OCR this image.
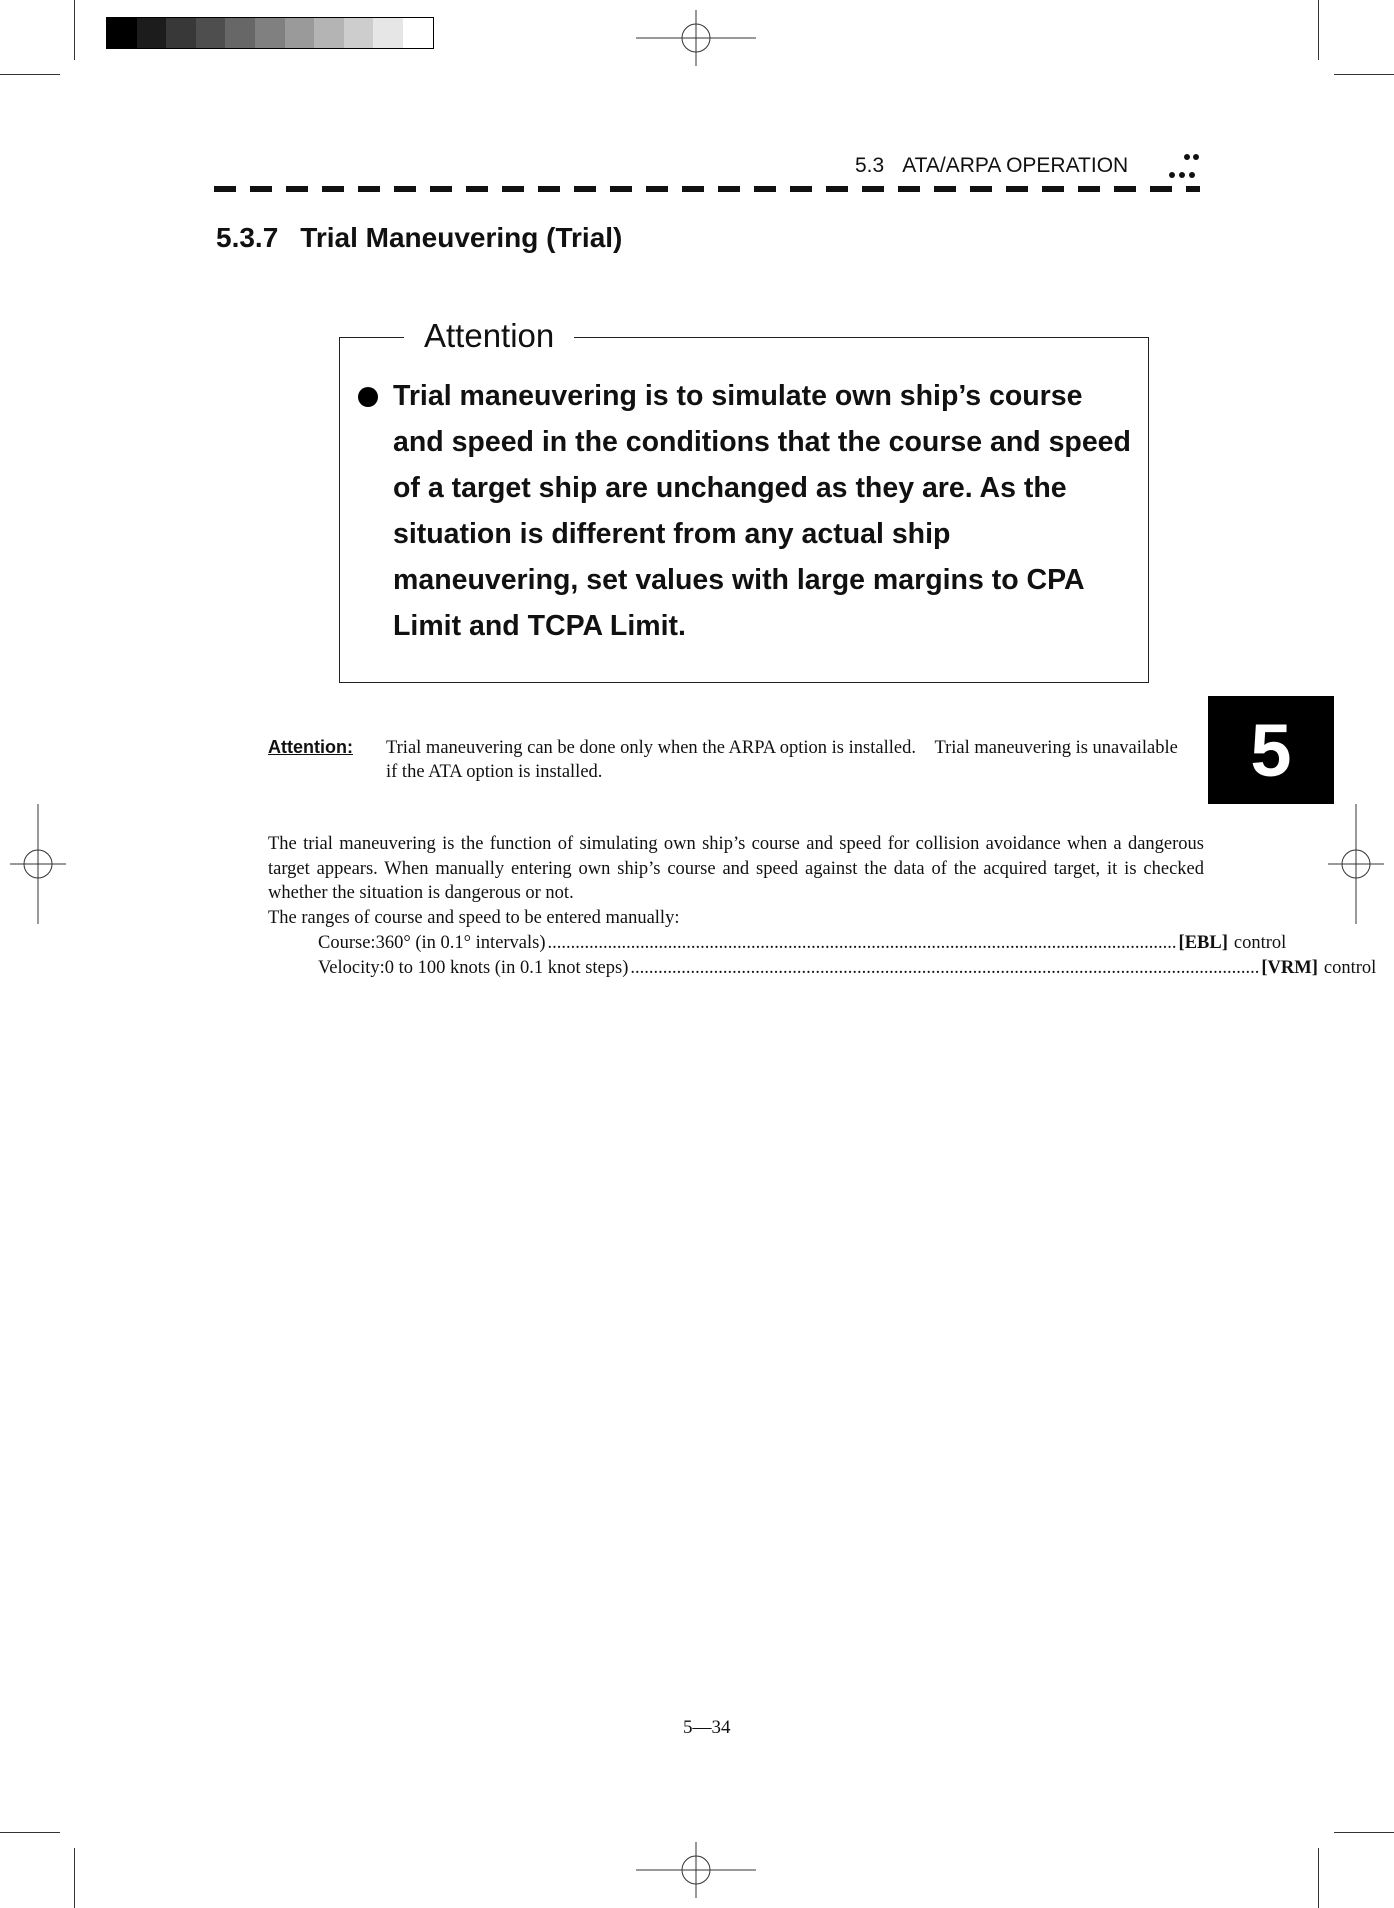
5.3 ATA/ARPA OPERATION
5.3.7 Trial Maneuvering (Trial)
Attention
Trial maneuvering is to simulate own ship’s course and speed in the conditions that the course and speed of a target ship are unchanged as they are. As the situation is different from any actual ship maneuvering, set values with large margins to CPA Limit and TCPA Limit.
5
Attention: Trial maneuvering can be done only when the ARPA option is installed. Trial maneuvering is unavailable if the ATA option is installed.

The trial maneuvering is the function of simulating own ship’s course and speed for collision avoidance when a dangerous target appears. When manually entering own ship’s course and speed against the data of the acquired target, it is checked whether the situation is dangerous or not.

The ranges of course and speed to be entered manually:
Course: 360° (in 0.1° intervals) ........................................................................................................................................ [EBL] control
Velocity: 0 to 100 knots (in 0.1 knot steps) ........................................................................................................................................ [VRM] control
5—34
